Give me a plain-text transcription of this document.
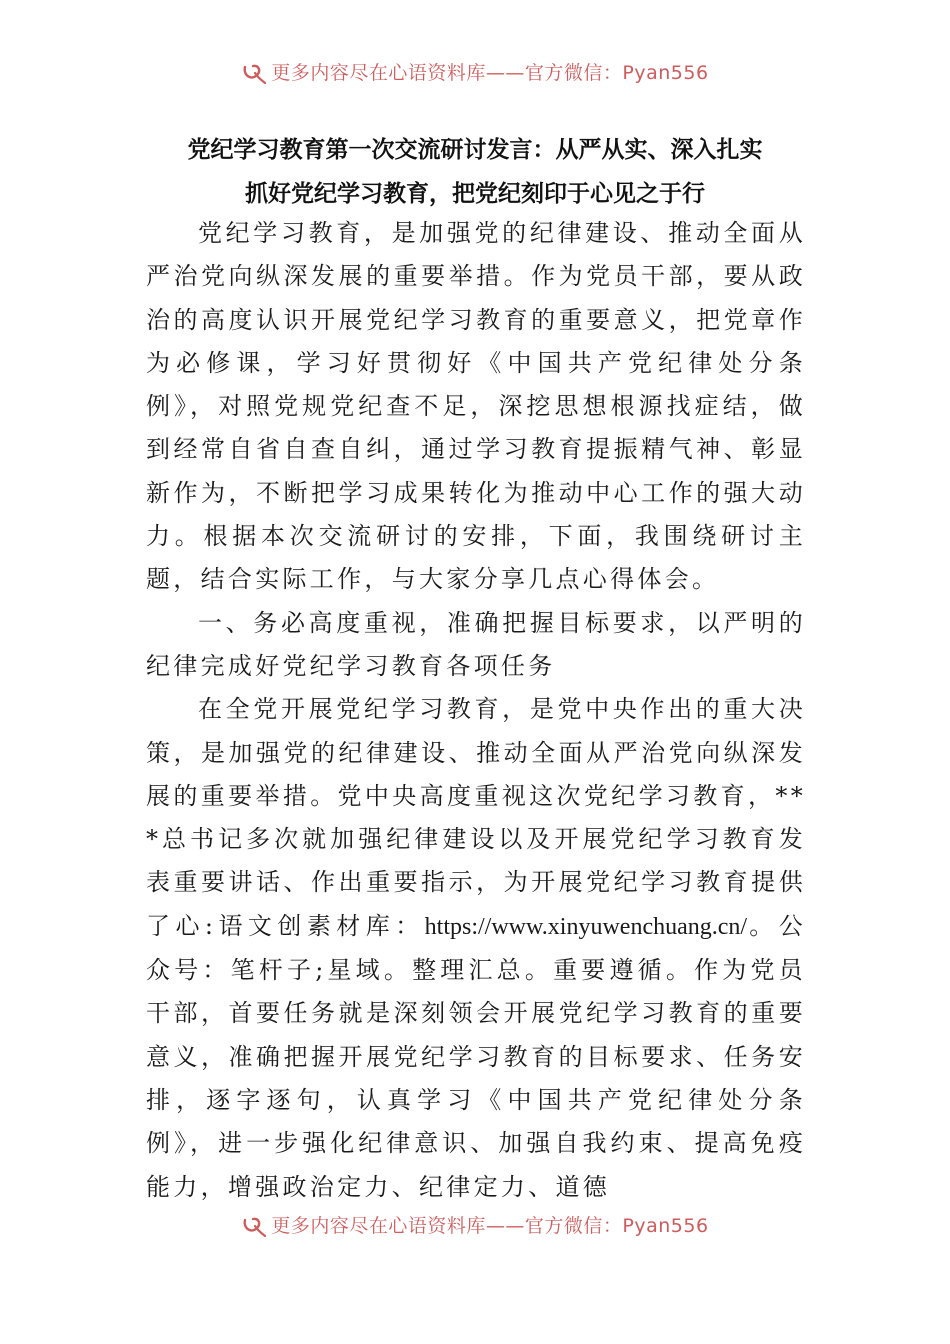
更多内容尽在心语资料库——官方微信：Pyan556
党纪学习教育第一次交流研讨发言：从严从实、深入扎实
抓好党纪学习教育，把党纪刻印于心见之于行

党纪学习教育，是加强党的纪律建设、推动全面从严治党向纵深发展的重要举措。作为党员干部，要从政治的高度认识开展党纪学习教育的重要意义，把党章作为必修课，学习好贯彻好《中国共产党纪律处分条例》，对照党规党纪查不足，深挖思想根源找症结，做到经常自省自查自纠，通过学习教育提振精气神、彰显新作为，不断把学习成果转化为推动中心工作的强大动力。根据本次交流研讨的安排，下面，我围绕研讨主题，结合实际工作，与大家分享几点心得体会。

一、务必高度重视，准确把握目标要求，以严明的纪律完成好党纪学习教育各项任务

在全党开展党纪学习教育，是党中央作出的重大决策，是加强党的纪律建设、推动全面从严治党向纵深发展的重要举措。党中央高度重视这次党纪学习教育，***总书记多次就加强纪律建设以及开展党纪学习教育发表重要讲话、作出重要指示，为开展党纪学习教育提供了心:语文创素材库：https://www.xinyuwenchuang.cn/。公众号：笔杆子;星域。整理汇总。重要遵循。作为党员干部，首要任务就是深刻领会开展党纪学习教育的重要意义，准确把握开展党纪学习教育的目标要求、任务安排，逐字逐句，认真学习《中国共产党纪律处分条例》，进一步强化纪律意识、加强自我约束、提高免疫能力，增强政治定力、纪律定力、道德

更多内容尽在心语资料库——官方微信：Pyan556
